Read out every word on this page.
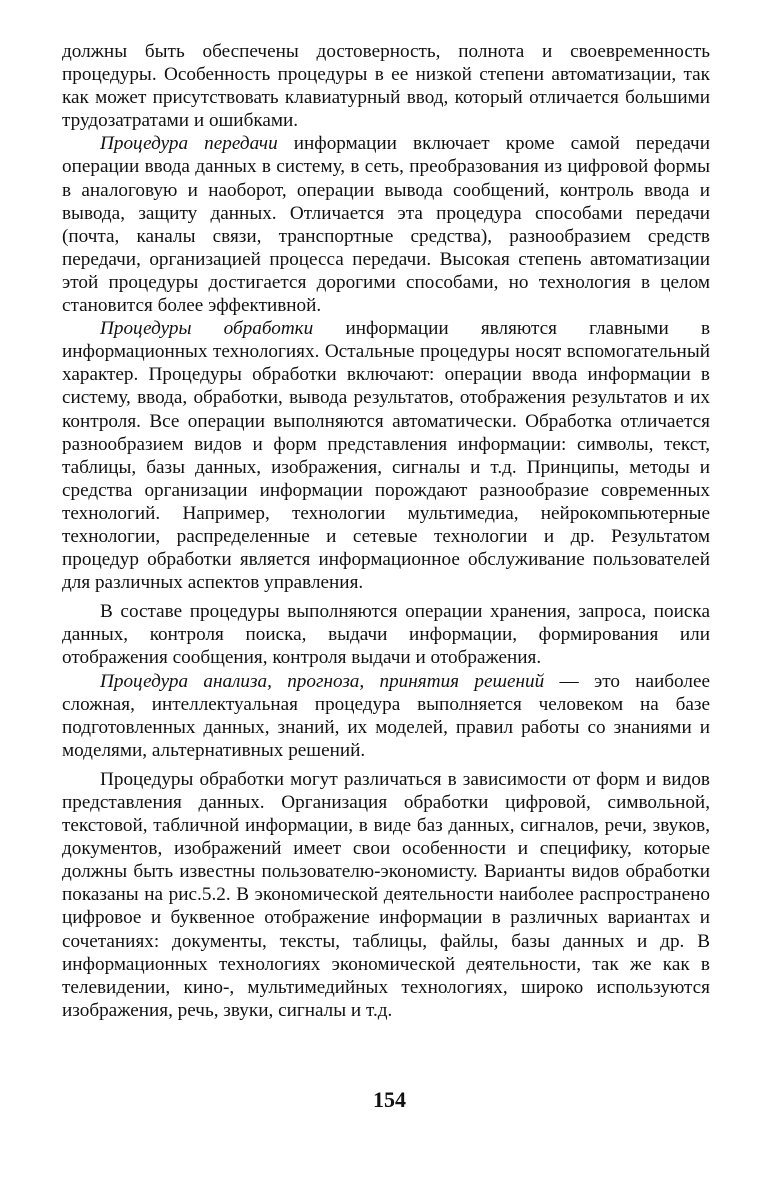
должны быть обеспечены достоверность, полнота и своевременность процедуры. Особенность процедуры в ее низкой степени автоматизации, так как может присутствовать клавиатурный ввод, который отличается большими трудозатратами и ошибками.

Процедура передачи информации включает кроме самой передачи операции ввода данных в систему, в сеть, преобразования из цифровой формы в аналоговую и наоборот, операции вывода сообщений, контроль ввода и вывода, защиту данных. Отличается эта процедура способами передачи (почта, каналы связи, транспортные средства), разнообразием средств передачи, организацией процесса передачи. Высокая степень автоматизации этой процедуры достигается дорогими способами, но технология в целом становится более эффективной.

Процедуры обработки информации являются главными в информационных технологиях. Остальные процедуры носят вспомогательный характер. Процедуры обработки включают: операции ввода информации в систему, ввода, обработки, вывода результатов, отображения результатов и их контроля. Все операции выполняются автоматически. Обработка отличается разнообразием видов и форм представления информации: символы, текст, таблицы, базы данных, изображения, сигналы и т.д. Принципы, методы и средства организации информации порождают разнообразие современных технологий. Например, технологии мультимедиа, нейрокомпьютерные технологии, распределенные и сетевые технологии и др. Результатом процедур обработки является информационное обслуживание пользователей для различных аспектов управления.

В составе процедуры выполняются операции хранения, запроса, поиска данных, контроля поиска, выдачи информации, формирования или отображения сообщения, контроля выдачи и отображения.

Процедура анализа, прогноза, принятия решений — это наиболее сложная, интеллектуальная процедура выполняется человеком на базе подготовленных данных, знаний, их моделей, правил работы со знаниями и моделями, альтернативных решений.

Процедуры обработки могут различаться в зависимости от форм и видов представления данных. Организация обработки цифровой, символьной, текстовой, табличной информации, в виде баз данных, сигналов, речи, звуков, документов, изображений имеет свои особенности и специфику, которые должны быть известны пользователю-экономисту. Варианты видов обработки показаны на рис.5.2. В экономической деятельности наиболее распространено цифровое и буквенное отображение информации в различных вариантах и сочетаниях: документы, тексты, таблицы, файлы, базы данных и др. В информационных технологиях экономической деятельности, так же как в телевидении, кино-, мультимедийных технологиях, широко используются изображения, речь, звуки, сигналы и т.д.

154
